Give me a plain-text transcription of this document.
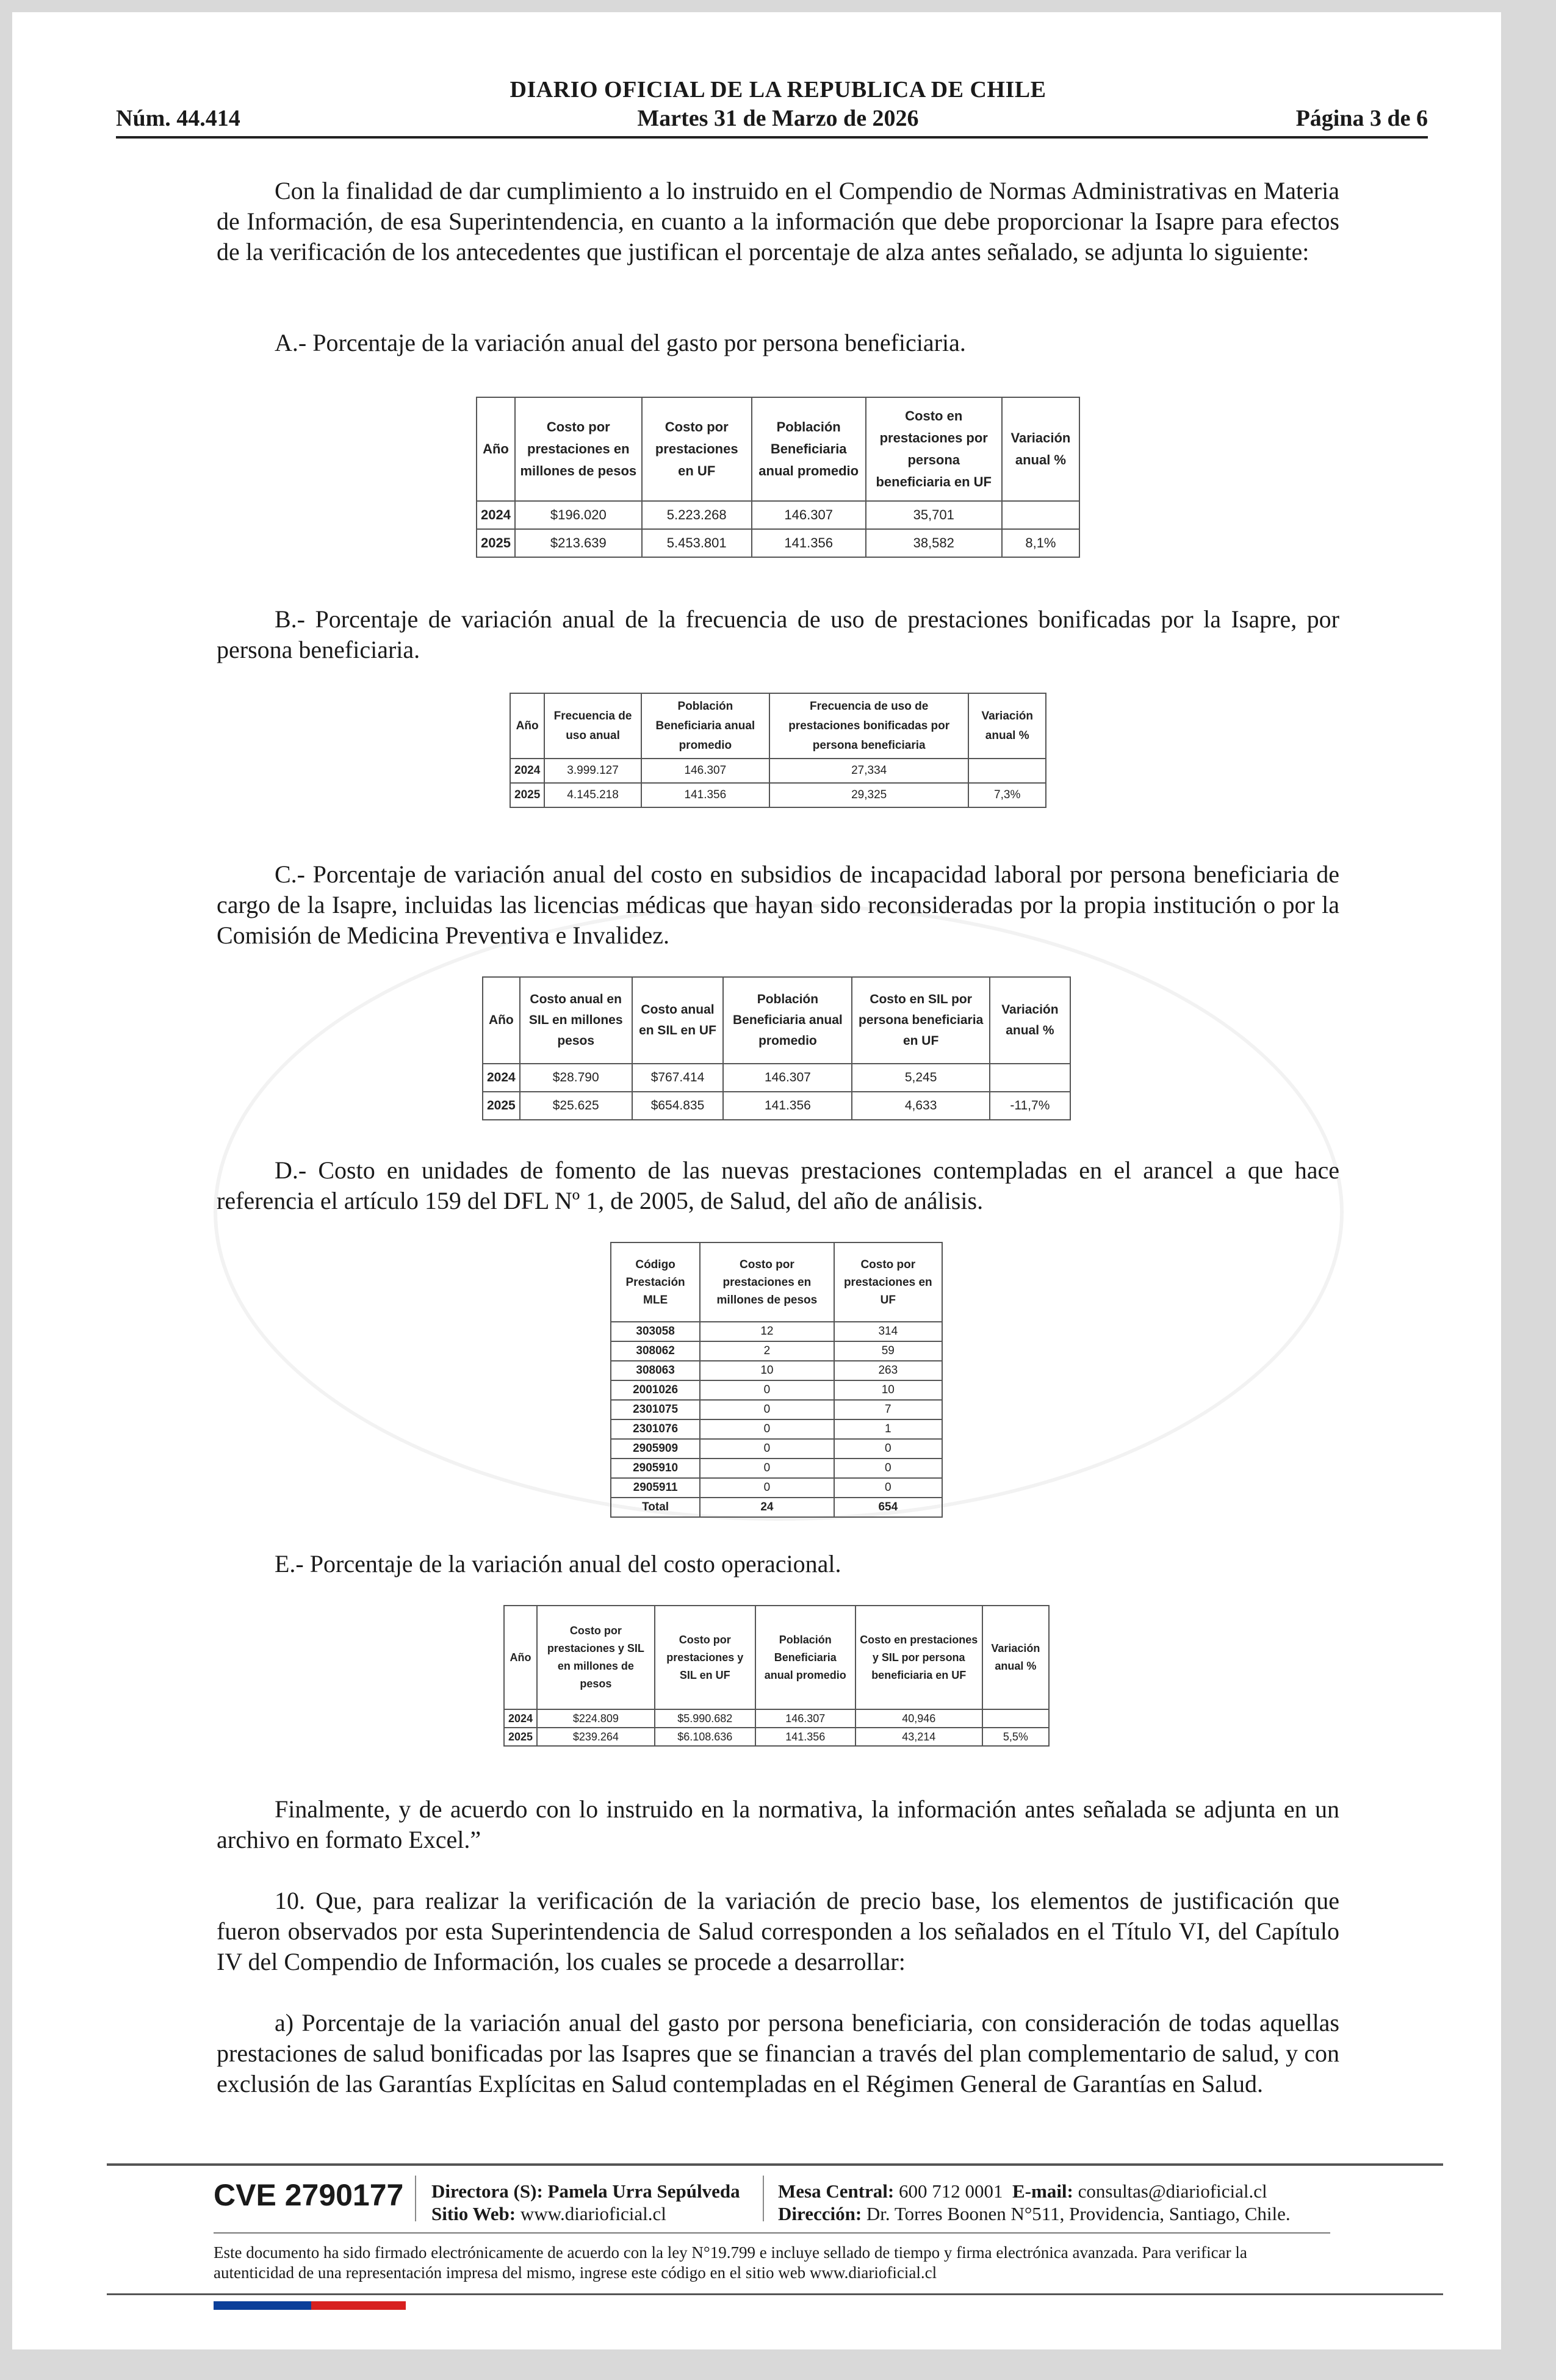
DIARIO OFICIAL DE LA REPUBLICA DE CHILE
Núm. 44.414	Martes 31 de Marzo de 2026	Página 3 de 6

Con la finalidad de dar cumplimiento a lo instruido en el Compendio de Normas Administrativas en Materia de Información, de esa Superintendencia, en cuanto a la información que debe proporcionar la Isapre para efectos de la verificación de los antecedentes que justifican el porcentaje de alza antes señalado, se adjunta lo siguiente:

A.- Porcentaje de la variación anual del gasto por persona beneficiaria.

Año	Costo por prestaciones en millones de pesos	Costo por prestaciones en UF	Población Beneficiaria anual promedio	Costo en prestaciones por persona beneficiaria en UF	Variación anual %
2024	$196.020	5.223.268	146.307	35,701	
2025	$213.639	5.453.801	141.356	38,582	8,1%

B.- Porcentaje de variación anual de la frecuencia de uso de prestaciones bonificadas por la Isapre, por persona beneficiaria.

Año	Frecuencia de uso anual	Población Beneficiaria anual promedio	Frecuencia de uso de prestaciones bonificadas por persona beneficiaria	Variación anual %
2024	3.999.127	146.307	27,334	
2025	4.145.218	141.356	29,325	7,3%

C.- Porcentaje de variación anual del costo en subsidios de incapacidad laboral por persona beneficiaria de cargo de la Isapre, incluidas las licencias médicas que hayan sido reconsideradas por la propia institución o por la Comisión de Medicina Preventiva e Invalidez.

Año	Costo anual en SIL en millones pesos	Costo anual en SIL en UF	Población Beneficiaria anual promedio	Costo en SIL por persona beneficiaria en UF	Variación anual %
2024	$28.790	$767.414	146.307	5,245	
2025	$25.625	$654.835	141.356	4,633	-11,7%

D.- Costo en unidades de fomento de las nuevas prestaciones contempladas en el arancel a que hace referencia el artículo 159 del DFL Nº 1, de 2005, de Salud, del año de análisis.

Código Prestación MLE	Costo por prestaciones en millones de pesos	Costo por prestaciones en UF
303058	12	314
308062	2	59
308063	10	263
2001026	0	10
2301075	0	7
2301076	0	1
2905909	0	0
2905910	0	0
2905911	0	0
Total	24	654

E.- Porcentaje de la variación anual del costo operacional.

Año	Costo por prestaciones y SIL en millones de pesos	Costo por prestaciones y SIL en UF	Población Beneficiaria anual promedio	Costo en prestaciones y SIL por persona beneficiaria en UF	Variación anual %
2024	$224.809	$5.990.682	146.307	40,946	
2025	$239.264	$6.108.636	141.356	43,214	5,5%

Finalmente, y de acuerdo con lo instruido en la normativa, la información antes señalada se adjunta en un archivo en formato Excel.”

10. Que, para realizar la verificación de la variación de precio base, los elementos de justificación que fueron observados por esta Superintendencia de Salud corresponden a los señalados en el Título VI, del Capítulo IV del Compendio de Información, los cuales se procede a desarrollar:

a) Porcentaje de la variación anual del gasto por persona beneficiaria, con consideración de todas aquellas prestaciones de salud bonificadas por las Isapres que se financian a través del plan complementario de salud, y con exclusión de las Garantías Explícitas en Salud contempladas en el Régimen General de Garantías en Salud.

CVE 2790177 Directora (S): Pamela Urra Sepúlveda
Sitio Web: www.diarioficial.cl
Mesa Central: 600 712 0001 E-mail: consultas@diarioficial.cl
Dirección: Dr. Torres Boonen N°511, Providencia, Santiago, Chile.
Este documento ha sido firmado electrónicamente de acuerdo con la ley N°19.799 e incluye sellado de tiempo y firma electrónica avanzada. Para verificar la autenticidad de una representación impresa del mismo, ingrese este código en el sitio web www.diarioficial.cl
